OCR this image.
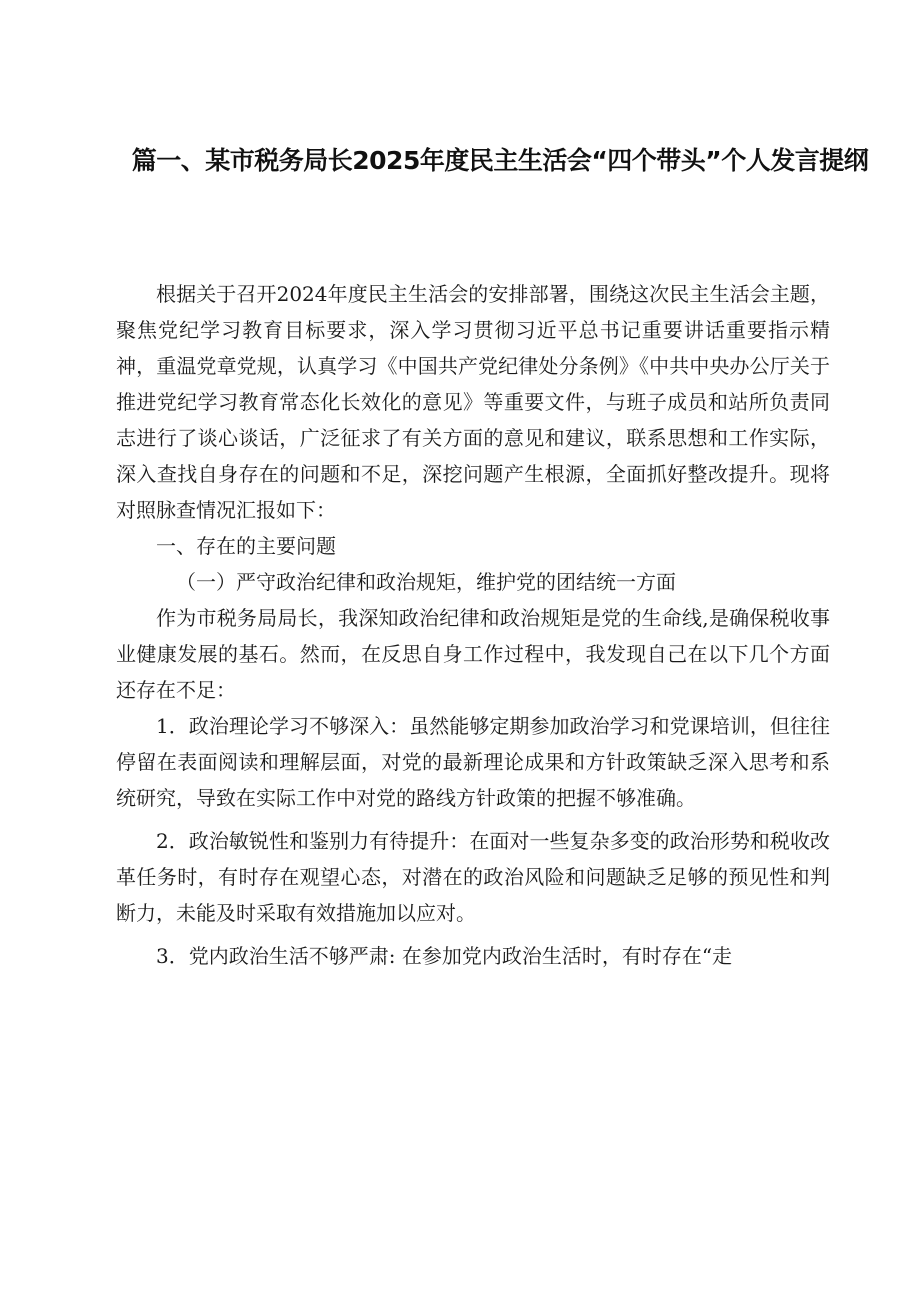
篇一、某市税务局长2025年度民主生活会“四个带头”个人发言提纲

根据关于召开2024年度民主生活会的安排部署，围绕这次民主生活会主题，聚焦党纪学习教育目标要求，深入学习贯彻习近平总书记重要讲话重要指示精神，重温党章党规，认真学习《中国共产党纪律处分条例》《中共中央办公厅关于推进党纪学习教育常态化长效化的意见》等重要文件，与班子成员和站所负责同志进行了谈心谈话，广泛征求了有关方面的意见和建议，联系思想和工作实际，深入查找自身存在的问题和不足，深挖问题产生根源，全面抓好整改提升。现将对照脉查情况汇报如下：

一、存在的主要问题

（一）严守政治纪律和政治规矩，维护党的团结统一方面

作为市税务局局长，我深知政治纪律和政治规矩是党的生命线,是确保税收事业健康发展的基石。然而，在反思自身工作过程中，我发现自己在以下几个方面还存在不足：

1．政治理论学习不够深入：虽然能够定期参加政治学习和党课培训，但往往停留在表面阅读和理解层面，对党的最新理论成果和方针政策缺乏深入思考和系统研究，导致在实际工作中对党的路线方针政策的把握不够准确。

2．政治敏锐性和鉴别力有待提升：在面对一些复杂多变的政治形势和税收改革任务时，有时存在观望心态，对潜在的政治风险和问题缺乏足够的预见性和判断力，未能及时采取有效措施加以应对。

3．党内政治生活不够严肃: 在参加党内政治生活时，有时存在“走
